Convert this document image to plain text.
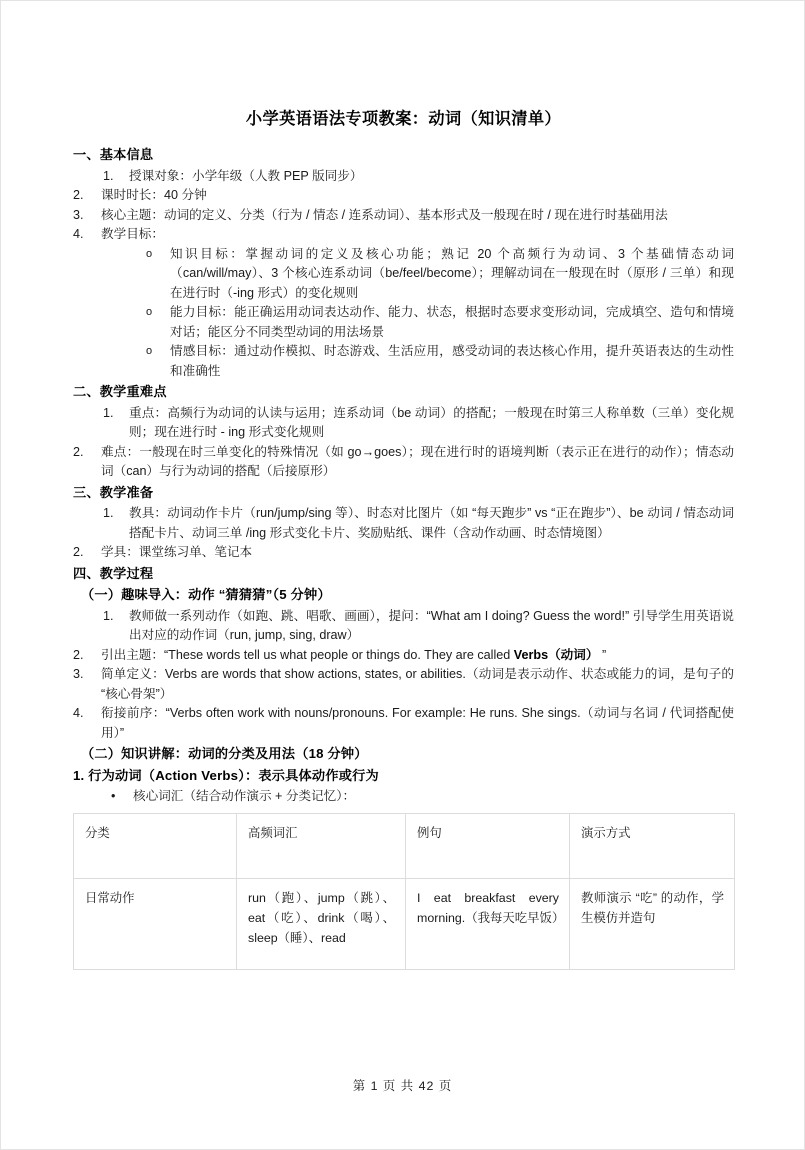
小学英语语法专项教案：动词（知识清单）
一、基本信息
1.	授课对象：小学年级（人教 PEP 版同步）
2.	课时时长：40 分钟
3.	核心主题：动词的定义、分类（行为 / 情态 / 连系动词）、基本形式及一般现在时 / 现在进行时基础用法
4.	教学目标：
o	知识目标：掌握动词的定义及核心功能；熟记 20 个高频行为动词、3 个基础情态动词（can/will/may）、3 个核心连系动词（be/feel/become）；理解动词在一般现在时（原形 / 三单）和现在进行时（-ing 形式）的变化规则
o	能力目标：能正确运用动词表达动作、能力、状态，根据时态要求变形动词，完成填空、造句和情境对话；能区分不同类型动词的用法场景
o	情感目标：通过动作模拟、时态游戏、生活应用，感受动词的表达核心作用，提升英语表达的生动性和准确性
二、教学重难点
1.	重点：高频行为动词的认读与运用；连系动词（be 动词）的搭配；一般现在时第三人称单数（三单）变化规则；现在进行时 - ing 形式变化规则
2.	难点：一般现在时三单变化的特殊情况（如 go→goes）；现在进行时的语境判断（表示正在进行的动作）；情态动词（can）与行为动词的搭配（后接原形）
三、教学准备
1.	教具：动词动作卡片（run/jump/sing 等）、时态对比图片（如 “每天跑步” vs “正在跑步”）、be 动词 / 情态动词搭配卡片、动词三单 /ing 形式变化卡片、奖励贴纸、课件（含动作动画、时态情境图）
2.	学具：课堂练习单、笔记本
四、教学过程
（一）趣味导入：动作 “猜猜猜”（5 分钟）
1.	教师做一系列动作（如跑、跳、唱歌、画画），提问：“What am I doing? Guess the word!” 引导学生用英语说出对应的动作词（run, jump, sing, draw）
2.	引出主题：“These words tell us what people or things do. They are called Verbs（动词） ”
3.	简单定义：Verbs are words that show actions, states, or abilities.（动词是表示动作、状态或能力的词，是句子的 “核心骨架”）
4.	衔接前序：“Verbs often work with nouns/pronouns. For example: He runs. She sings.（动词与名词 / 代词搭配使用）”
（二）知识讲解：动词的分类及用法（18 分钟）
1. 行为动词（Action Verbs）：表示具体动作或行为
•	核心词汇（结合动作演示 + 分类记忆）：
分类	高频词汇	例句	演示方式
日常动作	run（跑）、jump（跳）、eat（吃）、drink（喝）、sleep（睡）、read	I eat breakfast every morning.（我每天吃早饭）	教师演示 “吃” 的动作，学生模仿并造句
第 1 页 共 42 页
